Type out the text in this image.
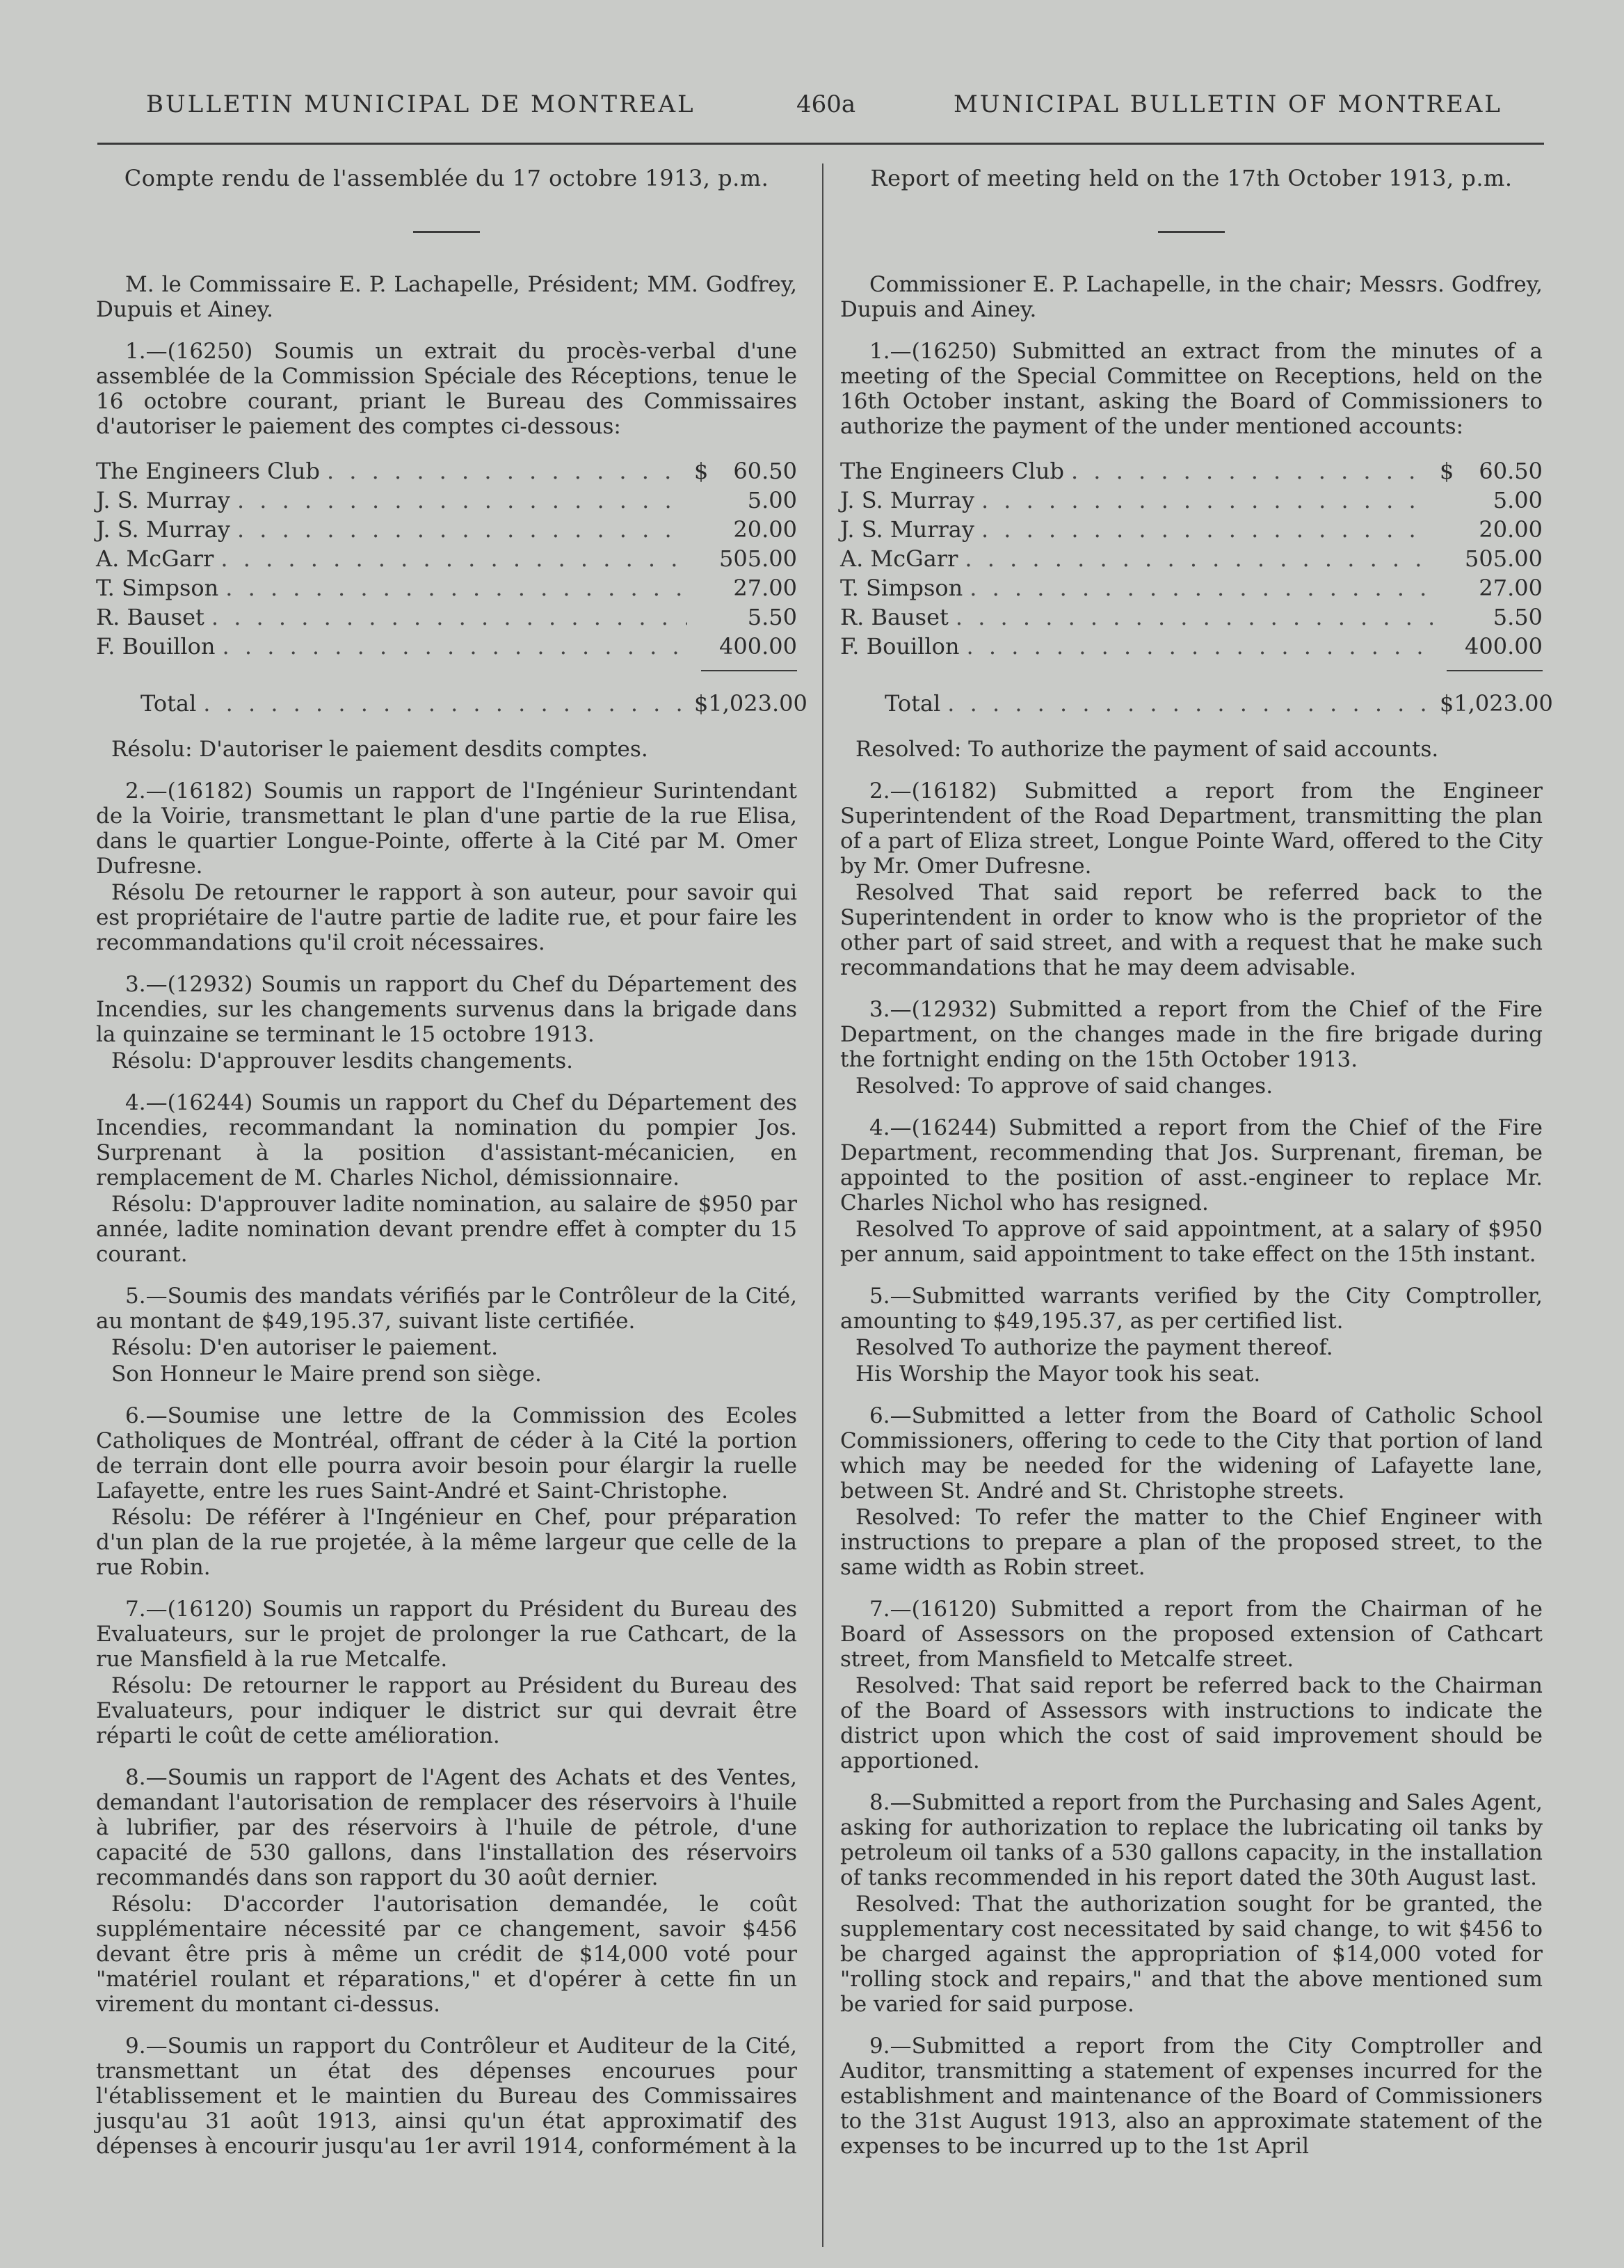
BULLETIN MUNICIPAL DE MONTREAL	460a	MUNICIPAL BULLETIN OF MONTREAL

Compte rendu de l'assemblée du 17 octobre 1913, p.m.

M. le Commissaire E. P. Lachapelle, Président; MM. Godfrey, Dupuis et Ainey.

1.—(16250) Soumis un extrait du procès-verbal d'une assemblée de la Commission Spéciale des Réceptions, tenue le 16 octobre courant, priant le Bureau des Commissaires d'autoriser le paiement des comptes ci-dessous:

The Engineers Club . . .	$	60.50
J. S. Murray . . .	5.00
J. S. Murray . . .	20.00
A. McGarr . . .	505.00
T. Simpson . . .	27.00
R. Bauset . . .	5.50
F. Bouillon . . .	400.00
Total . . .	$1,023.00

Résolu: D'autoriser le paiement desdits comptes.

2.—(16182) Soumis un rapport de l'Ingénieur Surintendant de la Voirie, transmettant le plan d'une partie de la rue Elisa, dans le quartier Longue-Pointe, offerte à la Cité par M. Omer Dufresne.

Résolu De retourner le rapport à son auteur, pour savoir qui est propriétaire de l'autre partie de ladite rue, et pour faire les recommandations qu'il croit nécessaires.

3.—(12932) Soumis un rapport du Chef du Département des Incendies, sur les changements survenus dans la brigade dans la quinzaine se terminant le 15 octobre 1913.

Résolu: D'approuver lesdits changements.

4.—(16244) Soumis un rapport du Chef du Département des Incendies, recommandant la nomination du pompier Jos. Surprenant à la position d'assistant-mécanicien, en remplacement de M. Charles Nichol, démissionnaire.

Résolu: D'approuver ladite nomination, au salaire de $950 par année, ladite nomination devant prendre effet à compter du 15 courant.

5.—Soumis des mandats vérifiés par le Contrôleur de la Cité, au montant de $49,195.37, suivant liste certifiée.

Résolu: D'en autoriser le paiement.

Son Honneur le Maire prend son siège.

6.—Soumise une lettre de la Commission des Ecoles Catholiques de Montréal, offrant de céder à la Cité la portion de terrain dont elle pourra avoir besoin pour élargir la ruelle Lafayette, entre les rues Saint-André et Saint-Christophe.

Résolu: De référer à l'Ingénieur en Chef, pour préparation d'un plan de la rue projetée, à la même largeur que celle de la rue Robin.

7.—(16120) Soumis un rapport du Président du Bureau des Evaluateurs, sur le projet de prolonger la rue Cathcart, de la rue Mansfield à la rue Metcalfe.

Résolu: De retourner le rapport au Président du Bureau des Evaluateurs, pour indiquer le district sur qui devrait être réparti le coût de cette amélioration.

8.—Soumis un rapport de l'Agent des Achats et des Ventes, demandant l'autorisation de remplacer des réservoirs à l'huile à lubrifier, par des réservoirs à l'huile de pétrole, d'une capacité de 530 gallons, dans l'installation des réservoirs recommandés dans son rapport du 30 août dernier.

Résolu: D'accorder l'autorisation demandée, le coût supplémentaire nécessité par ce changement, savoir $456 devant être pris à même un crédit de $14,000 voté pour "matériel roulant et réparations," et d'opérer à cette fin un virement du montant ci-dessus.

9.—Soumis un rapport du Contrôleur et Auditeur de la Cité, transmettant un état des dépenses encourues pour l'établissement et le maintien du Bureau des Commissaires jusqu'au 31 août 1913, ainsi qu'un état approximatif des dépenses à encourir jusqu'au 1er avril 1914, conformément à la

Report of meeting held on the 17th October 1913, p.m.

Commissioner E. P. Lachapelle, in the chair; Messrs. Godfrey, Dupuis and Ainey.

1.—(16250) Submitted an extract from the minutes of a meeting of the Special Committee on Receptions, held on the 16th October instant, asking the Board of Commissioners to authorize the payment of the under mentioned accounts:

The Engineers Club . . .	$	60.50
J. S. Murray . . .	5.00
J. S. Murray . . .	20.00
A. McGarr . . .	505.00
T. Simpson . . .	27.00
R. Bauset . . .	5.50
F. Bouillon . . .	400.00
Total . . .	$1,023.00

Resolved: To authorize the payment of said accounts.

2.—(16182) Submitted a report from the Engineer Superintendent of the Road Department, transmitting the plan of a part of Eliza street, Longue Pointe Ward, offered to the City by Mr. Omer Dufresne.

Resolved That said report be referred back to the Superintendent in order to know who is the proprietor of the other part of said street, and with a request that he make such recommandations that he may deem advisable.

3.—(12932) Submitted a report from the Chief of the Fire Department, on the changes made in the fire brigade during the fortnight ending on the 15th October 1913.

Resolved: To approve of said changes.

4.—(16244) Submitted a report from the Chief of the Fire Department, recommending that Jos. Surprenant, fireman, be appointed to the position of asst.-engineer to replace Mr. Charles Nichol who has resigned.

Resolved To approve of said appointment, at a salary of $950 per annum, said appointment to take effect on the 15th instant.

5.—Submitted warrants verified by the City Comptroller, amounting to $49,195.37, as per certified list.

Resolved To authorize the payment thereof.

His Worship the Mayor took his seat.

6.—Submitted a letter from the Board of Catholic School Commissioners, offering to cede to the City that portion of land which may be needed for the widening of Lafayette lane, between St. André and St. Christophe streets.

Resolved: To refer the matter to the Chief Engineer with instructions to prepare a plan of the proposed street, to the same width as Robin street.

7.—(16120) Submitted a report from the Chairman of he Board of Assessors on the proposed extension of Cathcart street, from Mansfield to Metcalfe street.

Resolved: That said report be referred back to the Chairman of the Board of Assessors with instructions to indicate the district upon which the cost of said improvement should be apportioned.

8.—Submitted a report from the Purchasing and Sales Agent, asking for authorization to replace the lubricating oil tanks by petroleum oil tanks of a 530 gallons capacity, in the installation of tanks recommended in his report dated the 30th August last.

Resolved: That the authorization sought for be granted, the supplementary cost necessitated by said change, to wit $456 to be charged against the appropriation of $14,000 voted for "rolling stock and repairs," and that the above mentioned sum be varied for said purpose.

9.—Submitted a report from the City Comptroller and Auditor, transmitting a statement of expenses incurred for the establishment and maintenance of the Board of Commissioners to the 31st August 1913, also an approximate statement of the expenses to be incurred up to the 1st April
